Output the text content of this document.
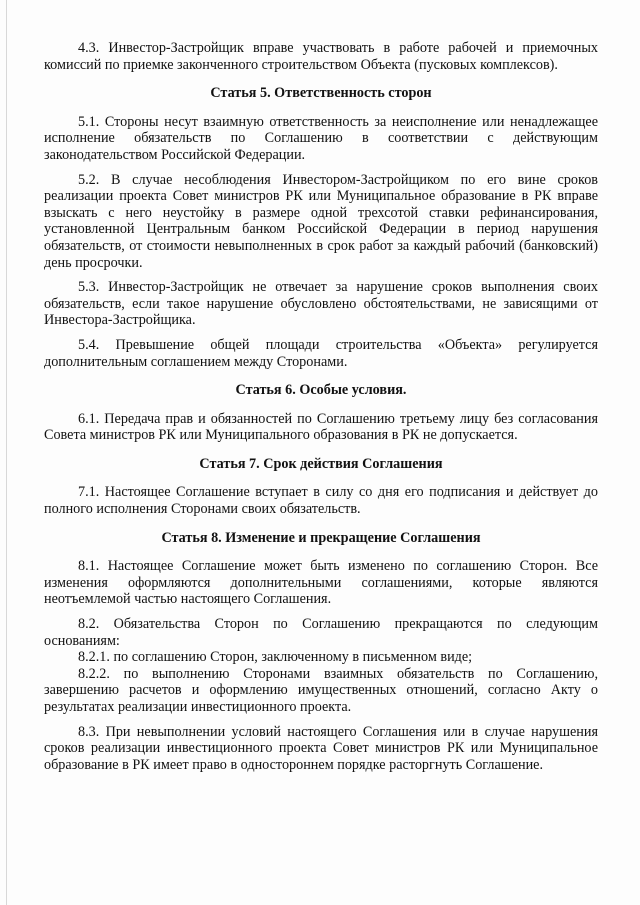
4.3. Инвестор-Застройщик вправе участвовать в работе рабочей и приемочных комиссий по приемке законченного строительством Объекта (пусковых комплексов).

Статья 5. Ответственность сторон

5.1. Стороны несут взаимную ответственность за неисполнение или ненадлежащее исполнение обязательств по Соглашению в соответствии с действующим законодательством Российской Федерации.

5.2. В случае несоблюдения Инвестором-Застройщиком по его вине сроков реализации проекта Совет министров РК или Муниципальное образование в РК вправе взыскать с него неустойку в размере одной трехсотой ставки рефинансирования, установленной Центральным банком Российской Федерации в период нарушения обязательств, от стоимости невыполненных в срок работ за каждый рабочий (банковский) день просрочки.

5.3. Инвестор-Застройщик не отвечает за нарушение сроков выполнения своих обязательств, если такое нарушение обусловлено обстоятельствами, не зависящими от Инвестора-Застройщика.

5.4. Превышение общей площади строительства «Объекта» регулируется дополнительным соглашением между Сторонами.

Статья 6. Особые условия.

6.1. Передача прав и обязанностей по Соглашению третьему лицу без согласования Совета министров РК или Муниципального образования в РК не допускается.

Статья 7. Срок действия Соглашения

7.1. Настоящее Соглашение вступает в силу со дня его подписания и действует до полного исполнения Сторонами своих обязательств.

Статья 8. Изменение и прекращение Соглашения

8.1. Настоящее Соглашение может быть изменено по соглашению Сторон. Все изменения оформляются дополнительными соглашениями, которые являются неотъемлемой частью настоящего Соглашения.

8.2. Обязательства Сторон по Соглашению прекращаются по следующим основаниям:

8.2.1. по соглашению Сторон, заключенному в письменном виде;

8.2.2. по выполнению Сторонами взаимных обязательств по Соглашению, завершению расчетов и оформлению имущественных отношений, согласно Акту о результатах реализации инвестиционного проекта.

8.3. При невыполнении условий настоящего Соглашения или в случае нарушения сроков реализации инвестиционного проекта Совет министров РК или Муниципальное образование в РК имеет право в одностороннем порядке расторгнуть Соглашение.
